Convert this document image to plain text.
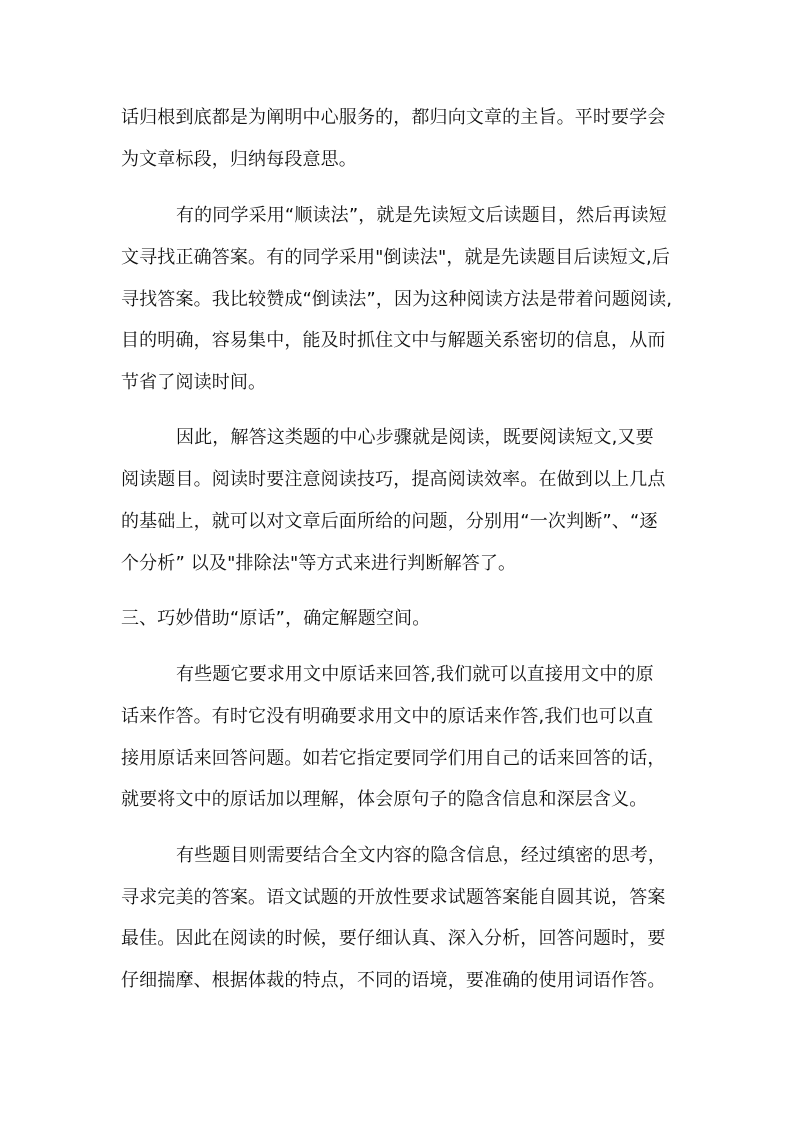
话归根到底都是为阐明中心服务的，都归向文章的主旨。平时要学会

为文章标段，归纳每段意思。

有的同学采用“顺读法”，就是先读短文后读题目，然后再读短

文寻找正确答案。有的同学采用"倒读法"，就是先读题目后读短文,后

寻找答案。我比较赞成“倒读法”，因为这种阅读方法是带着问题阅读,

目的明确，容易集中，能及时抓住文中与解题关系密切的信息，从而

节省了阅读时间。

因此，解答这类题的中心步骤就是阅读，既要阅读短文,又要

阅读题目。阅读时要注意阅读技巧，提高阅读效率。在做到以上几点

的基础上，就可以对文章后面所给的问题，分别用“一次判断”、“逐

个分析” 以及"排除法"等方式来进行判断解答了。

三、巧妙借助“原话”，确定解题空间。

有些题它要求用文中原话来回答,我们就可以直接用文中的原

话来作答。有时它没有明确要求用文中的原话来作答,我们也可以直

接用原话来回答问题。如若它指定要同学们用自己的话来回答的话，

就要将文中的原话加以理解，体会原句子的隐含信息和深层含义。

有些题目则需要结合全文内容的隐含信息，经过缜密的思考，

寻求完美的答案。语文试题的开放性要求试题答案能自圆其说，答案

最佳。因此在阅读的时候，要仔细认真、深入分析，回答问题时，要

仔细揣摩、根据体裁的特点，不同的语境，要准确的使用词语作答。
